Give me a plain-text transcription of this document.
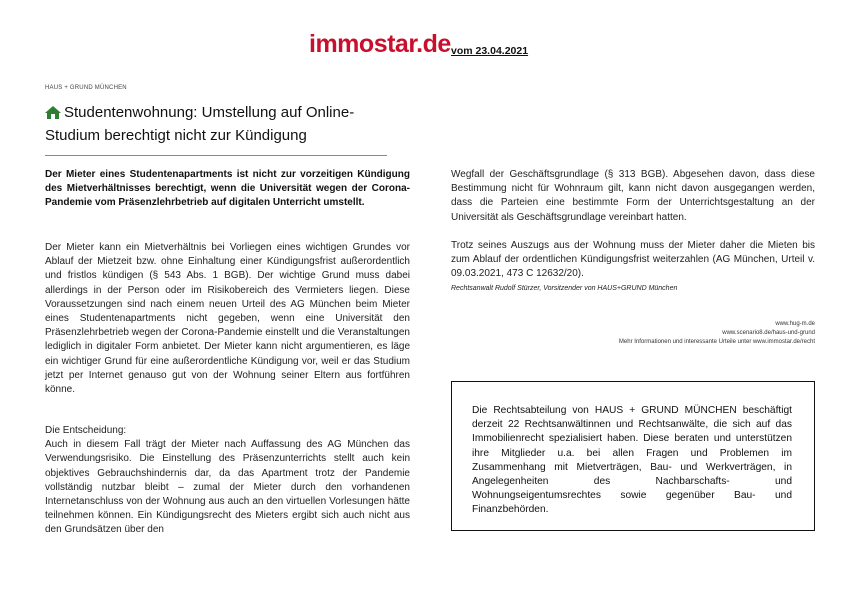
immostar.de vom 23.04.2021
HAUS + GRUND MÜNCHEN
Studentenwohnung: Umstellung auf Online-Studium berechtigt nicht zur Kündigung
Der Mieter eines Studentenapartments ist nicht zur vorzeitigen Kündigung des Mietverhältnisses berechtigt, wenn die Universität wegen der Corona-Pandemie vom Präsenzlehrbetrieb auf digitalen Unterricht umstellt.

Der Mieter kann ein Mietverhältnis bei Vorliegen eines wichtigen Grundes vor Ablauf der Mietzeit bzw. ohne Einhaltung einer Kündigungsfrist außerordentlich und fristlos kündigen (§ 543 Abs. 1 BGB). Der wichtige Grund muss dabei allerdings in der Person oder im Risikobereich des Vermieters liegen. Diese Voraussetzungen sind nach einem neuen Urteil des AG München beim Mieter eines Studentenapartments nicht gegeben, wenn eine Universität den Präsenzlehrbetrieb wegen der Corona-Pandemie einstellt und die Veranstaltungen lediglich in digitaler Form anbietet. Der Mieter kann nicht argumentieren, es läge ein wichtiger Grund für eine außerordentliche Kündigung vor, weil er das Studium jetzt per Internet genauso gut von der Wohnung seiner Eltern aus fortführen könne.

Die Entscheidung:
Auch in diesem Fall trägt der Mieter nach Auffassung des AG München das Verwendungsrisiko. Die Einstellung des Präsenzunterrichts stellt auch kein objektives Gebrauchshindernis dar, da das Apartment trotz der Pandemie vollständig nutzbar bleibt – zumal der Mieter durch den vorhandenen Internetanschluss von der Wohnung aus auch an den virtuellen Vorlesungen hätte teilnehmen können. Ein Kündigungsrecht des Mieters ergibt sich auch nicht aus den Grundsätzen über den

Wegfall der Geschäftsgrundlage (§ 313 BGB). Abgesehen davon, dass diese Bestimmung nicht für Wohnraum gilt, kann nicht davon ausgegangen werden, dass die Parteien eine bestimmte Form der Unterrichtsgestaltung an der Universität als Geschäftsgrundlage vereinbart hatten.

Trotz seines Auszugs aus der Wohnung muss der Mieter daher die Mieten bis zum Ablauf der ordentlichen Kündigungsfrist weiterzahlen (AG München, Urteil v. 09.03.2021, 473 C 12632/20).

Rechtsanwalt Rudolf Stürzer, Vorsitzender von HAUS+GRUND München
www.hug-m.de
www.scenario8.de/haus-und-grund
Mehr Informationen und interessante Urteile unter www.immostar.de/recht

Die Rechtsabteilung von HAUS + GRUND MÜNCHEN beschäftigt derzeit 22 Rechtsanwältinnen und Rechtsanwälte, die sich auf das Immobilienrecht spezialisiert haben. Diese beraten und unterstützen ihre Mitglieder u.a. bei allen Fragen und Problemen im Zusammenhang mit Mietverträgen, Bau- und Werkverträgen, in Angelegenheiten des Nachbarschafts- und Wohnungseigentumsrechtes sowie gegenüber Bau- und Finanzbehörden.
